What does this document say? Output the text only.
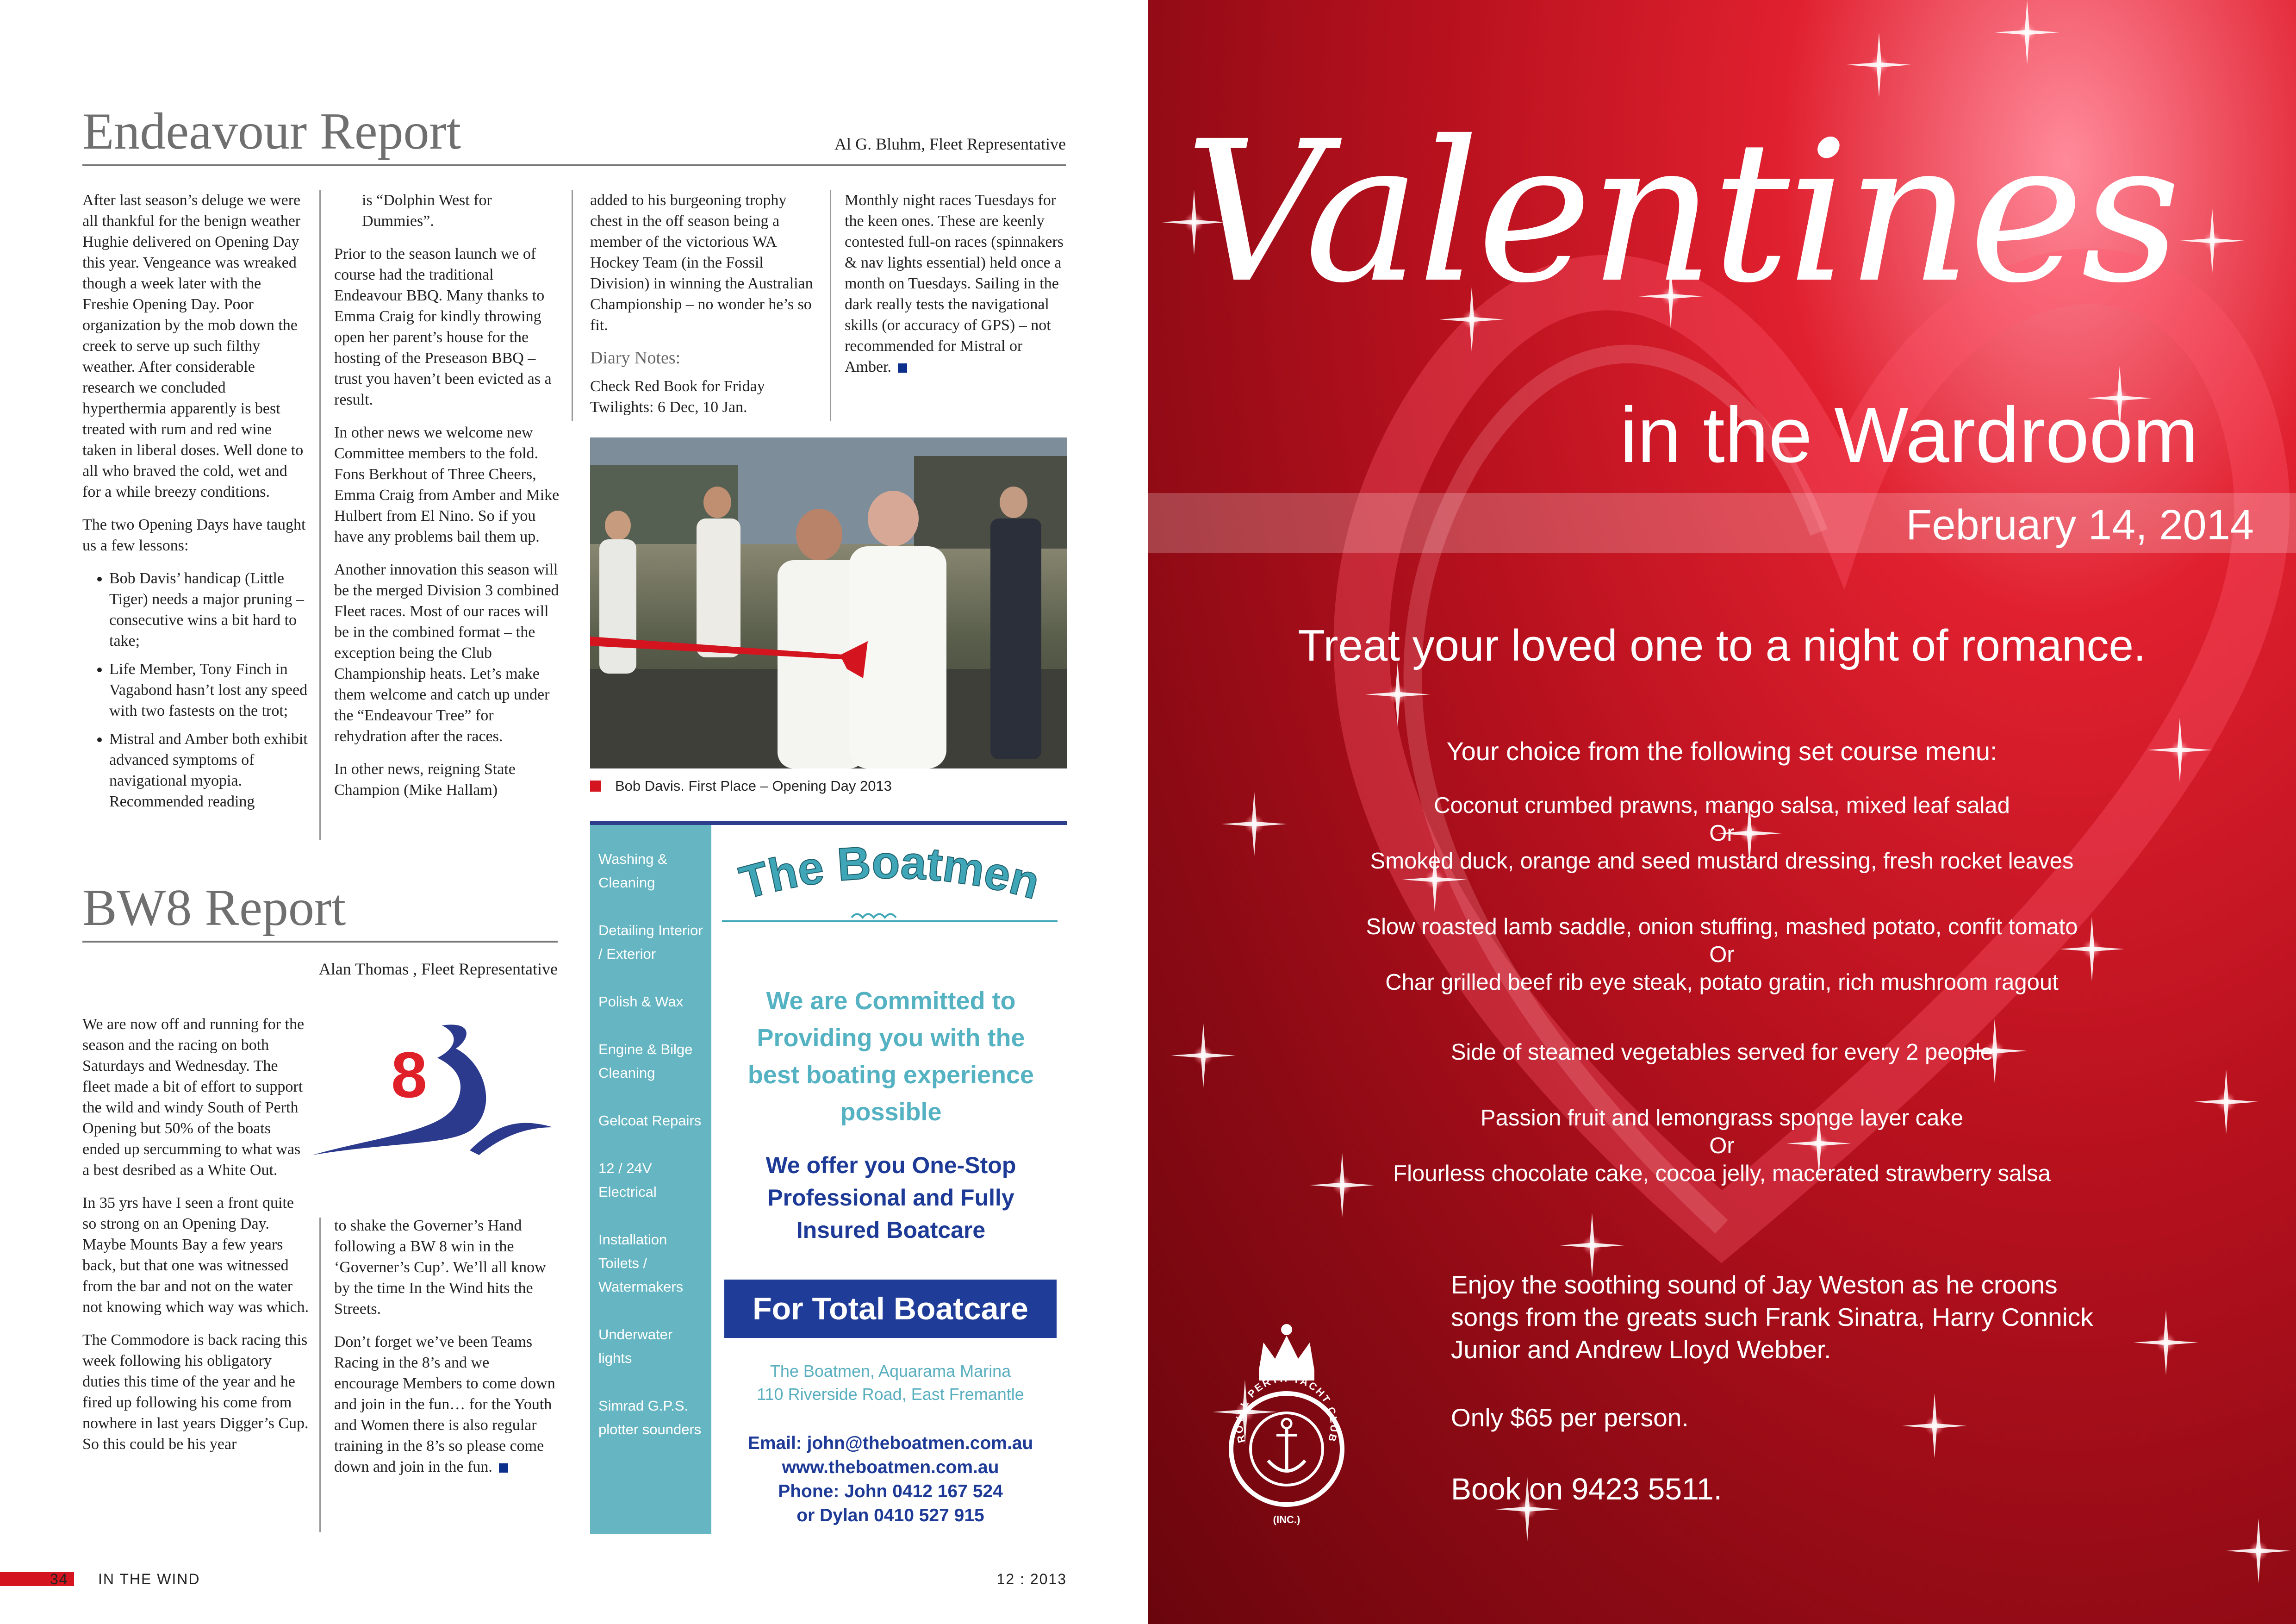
Endeavour Report	Al G. Bluhm, Fleet Representative

After last season’s deluge we were all thankful for the benign weather Hughie delivered on Opening Day this year. Vengeance was wreaked though a week later with the Freshie Opening Day. Poor organization by the mob down the creek to serve up such filthy weather. After considerable research we concluded hyperthermia apparently is best treated with rum and red wine taken in liberal doses. Well done to all who braved the cold, wet and for a while breezy conditions.

The two Opening Days have taught us a few lessons:

• Bob Davis’ handicap (Little Tiger) needs a major pruning – consecutive wins a bit hard to take;
• Life Member, Tony Finch in Vagabond hasn’t lost any speed with two fastests on the trot;
• Mistral and Amber both exhibit advanced symptoms of navigational myopia. Recommended reading

is “Dolphin West for Dummies”.

Prior to the season launch we of course had the traditional Endeavour BBQ. Many thanks to Emma Craig for kindly throwing open her parent’s house for the hosting of the Preseason BBQ – trust you haven’t been evicted as a result.

In other news we welcome new Committee members to the fold. Fons Berkhout of Three Cheers, Emma Craig from Amber and Mike Hulbert from El Nino. So if you have any problems bail them up.

Another innovation this season will be the merged Division 3 combined Fleet races. Most of our races will be in the combined format – the exception being the Club Championship heats. Let’s make them welcome and catch up under the “Endeavour Tree” for rehydration after the races.

In other news, reigning State Champion (Mike Hallam)

added to his burgeoning trophy chest in the off season being a member of the victorious WA Hockey Team (in the Fossil Division) in winning the Australian Championship – no wonder he’s so fit.

Diary Notes:

Check Red Book for Friday Twilights: 6 Dec, 10 Jan.

Monthly night races Tuesdays for the keen ones. These are keenly contested full-on races (spinnakers & nav lights essential) held once a month on Tuesdays. Sailing in the dark really tests the navigational skills (or accuracy of GPS) – not recommended for Mistral or Amber.

Bob Davis. First Place – Opening Day 2013
BW8 Report
Alan Thomas , Fleet Representative
8

We are now off and running for the season and the racing on both Saturdays and Wednesday. The fleet made a bit of effort to support the wild and windy South of Perth Opening but 50% of the boats ended up sercumming to what was a best desribed as a White Out.

In 35 yrs have I seen a front quite so strong on an Opening Day. Maybe Mounts Bay a few years back, but that one was witnessed from the bar and not on the water not knowing which way was which.

The Commodore is back racing this week following his obligatory duties this time of the year and he fired up following his come from nowhere in last years Digger’s Cup. So this could be his year

to shake the Governer’s Hand following a BW 8 win in the ‘Governer’s Cup’. We’ll all know by the time In the Wind hits the Streets.

Don’t forget we’ve been Teams Racing in the 8’s and we encourage Members to come down and join in the fun… for the Youth and Women there is also regular training in the 8’s so please come down and join in the fun.

Washing & Cleaning
Detailing Interior / Exterior
Polish & Wax
Engine & Bilge Cleaning
Gelcoat Repairs
12 / 24V Electrical
Installation Toilets / Watermakers
Underwater lights
Simrad G.P.S. plotter sounders
The Boatmen
We are Committed to Providing you with the best boating experience possible
We offer you One-Stop Professional and Fully Insured Boatcare
For Total Boatcare
The Boatmen, Aquarama Marina
110 Riverside Road, East Fremantle
Email: john@theboatmen.com.au
www.theboatmen.com.au
Phone: John 0412 167 524
or Dylan 0410 527 915
34 IN THE WIND	12 : 2013
Valentines
in the Wardroom
February 14, 2014
Treat your loved one to a night of romance.
Your choice from the following set course menu:
Coconut crumbed prawns, mango salsa, mixed leaf salad
Or
Smoked duck, orange and seed mustard dressing, fresh rocket leaves
Slow roasted lamb saddle, onion stuffing, mashed potato, confit tomato
Or
Char grilled beef rib eye steak, potato gratin, rich mushroom ragout
Side of steamed vegetables served for every 2 people
Passion fruit and lemongrass sponge layer cake
Or
Flourless chocolate cake, cocoa jelly, macerated strawberry salsa
ROYAL PERTH YACHT CLUB
(INC.)
Enjoy the soothing sound of Jay Weston as he croons songs from the greats such Frank Sinatra, Harry Connick Junior and Andrew Lloyd Webber.
Only $65 per person.
Book on 9423 5511.
